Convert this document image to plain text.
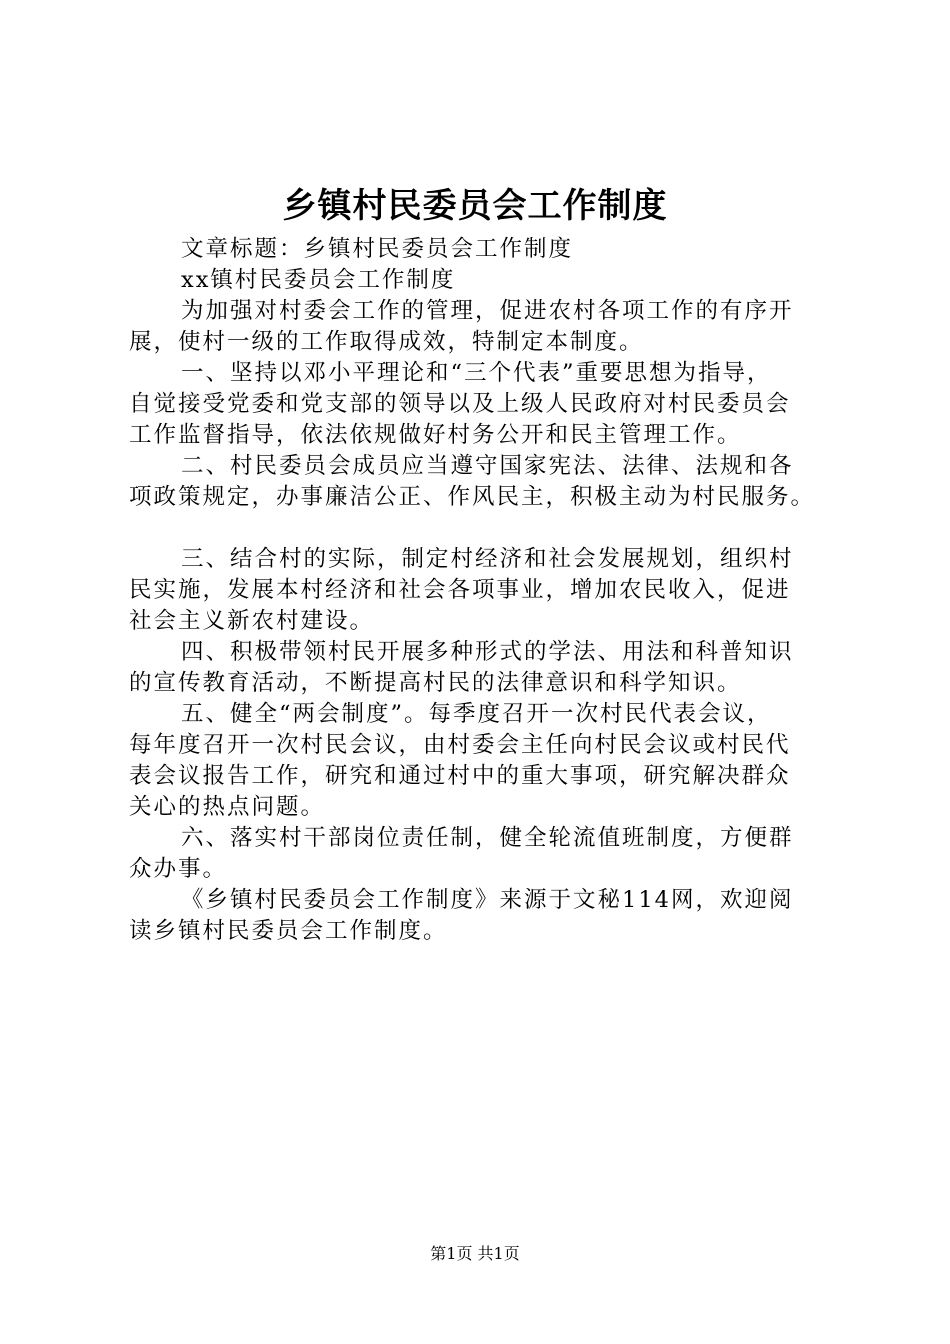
乡镇村民委员会工作制度

文章标题：乡镇村民委员会工作制度

xx镇村民委员会工作制度

为加强对村委会工作的管理，促进农村各项工作的有序开
展，使村一级的工作取得成效，特制定本制度。

一、坚持以邓小平理论和“三个代表”重要思想为指导，
自觉接受党委和党支部的领导以及上级人民政府对村民委员会
工作监督指导，依法依规做好村务公开和民主管理工作。

二、村民委员会成员应当遵守国家宪法、法律、法规和各
项政策规定，办事廉洁公正、作风民主，积极主动为村民服务。

三、结合村的实际，制定村经济和社会发展规划，组织村
民实施，发展本村经济和社会各项事业，增加农民收入，促进
社会主义新农村建设。

四、积极带领村民开展多种形式的学法、用法和科普知识
的宣传教育活动，不断提高村民的法律意识和科学知识。

五、健全“两会制度”。每季度召开一次村民代表会议，
每年度召开一次村民会议，由村委会主任向村民会议或村民代
表会议报告工作，研究和通过村中的重大事项，研究解决群众
关心的热点问题。

六、落实村干部岗位责任制，健全轮流值班制度，方便群
众办事。

《乡镇村民委员会工作制度》来源于文秘114网，欢迎阅
读乡镇村民委员会工作制度。

第1页 共1页
